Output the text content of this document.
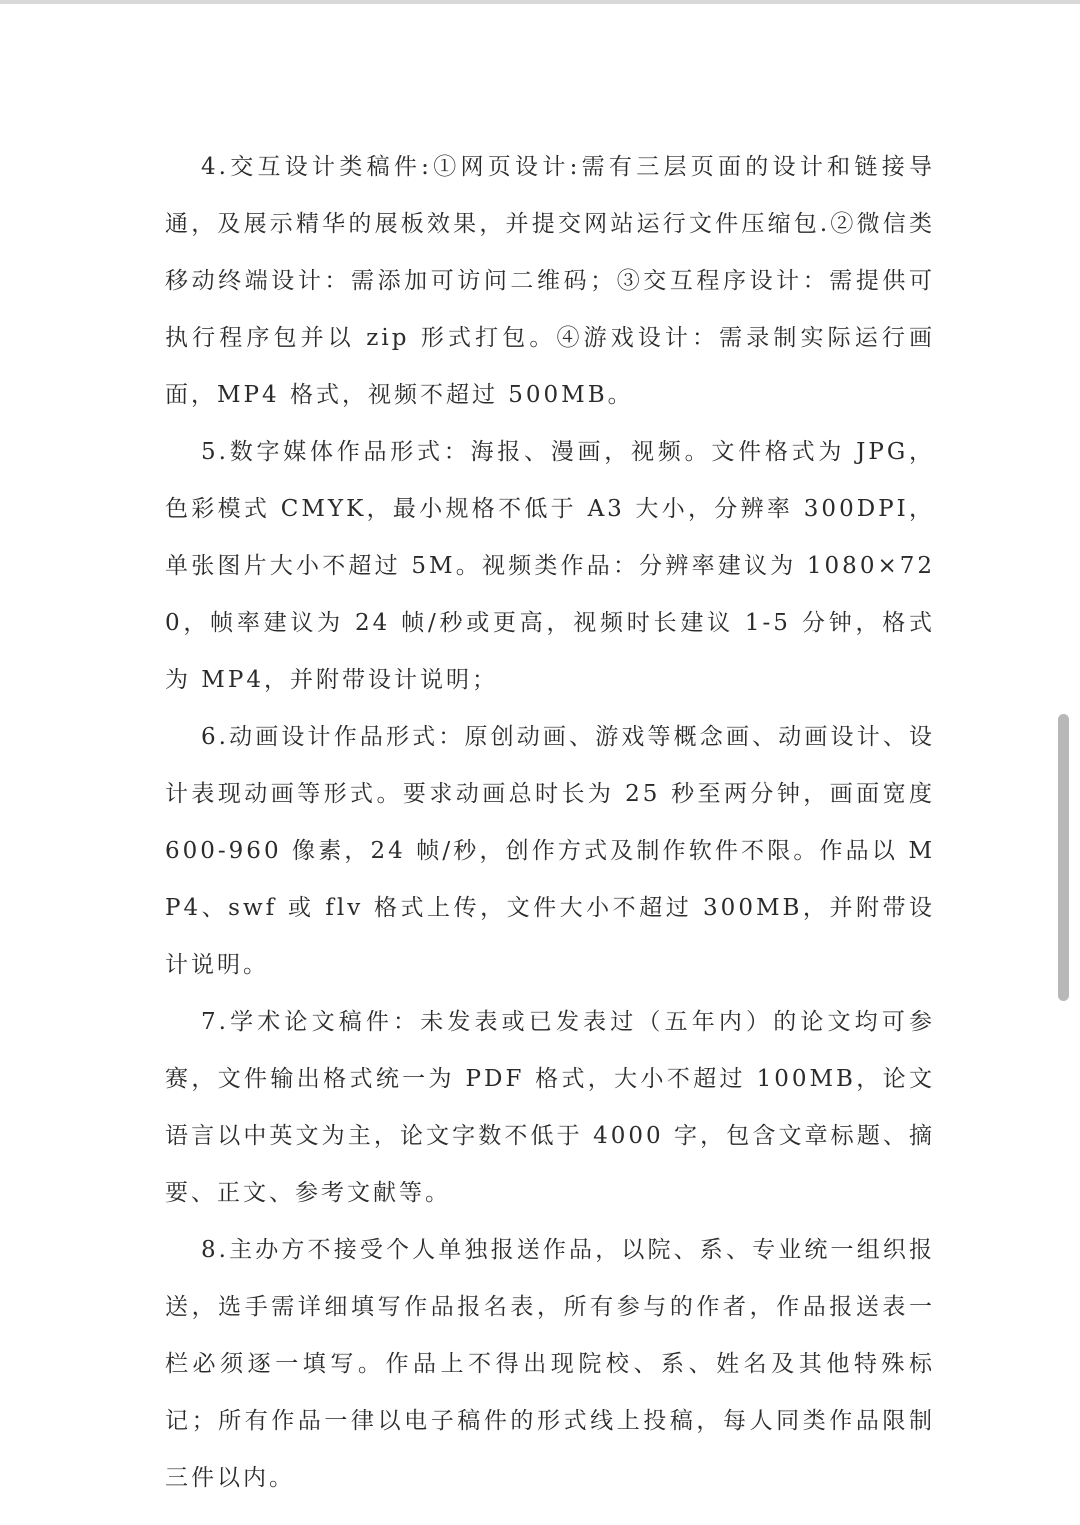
4.交互设计类稿件:①网页设计:需有三层页面的设计和链接导通，及展示精华的展板效果，并提交网站运行文件压缩包.②微信类移动终端设计：需添加可访问二维码；③交互程序设计：需提供可执行程序包并以 zip 形式打包。④游戏设计：需录制实际运行画面，MP4 格式，视频不超过 500MB。

5.数字媒体作品形式：海报、漫画，视频。文件格式为 JPG，色彩模式 CMYK，最小规格不低于 A3 大小，分辨率 300DPI，单张图片大小不超过 5M。视频类作品：分辨率建议为 1080×720，帧率建议为 24 帧/秒或更高，视频时长建议 1-5 分钟，格式为 MP4，并附带设计说明；

6.动画设计作品形式：原创动画、游戏等概念画、动画设计、设计表现动画等形式。要求动画总时长为 25 秒至两分钟，画面宽度 600-960 像素，24 帧/秒，创作方式及制作软件不限。作品以 MP4、swf 或 flv 格式上传，文件大小不超过 300MB，并附带设计说明。

7.学术论文稿件：未发表或已发表过（五年内）的论文均可参赛，文件输出格式统一为 PDF 格式，大小不超过 100MB，论文语言以中英文为主，论文字数不低于 4000 字，包含文章标题、摘要、正文、参考文献等。

8.主办方不接受个人单独报送作品，以院、系、专业统一组织报送，选手需详细填写作品报名表，所有参与的作者，作品报送表一栏必须逐一填写。作品上不得出现院校、系、姓名及其他特殊标记；所有作品一律以电子稿件的形式线上投稿，每人同类作品限制三件以内。
